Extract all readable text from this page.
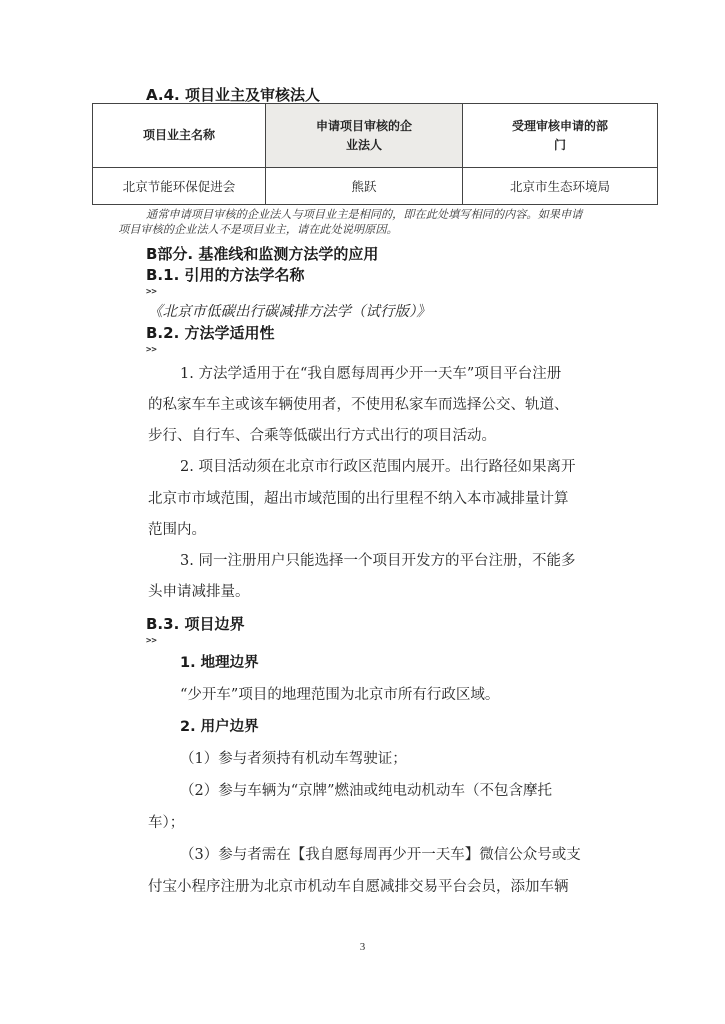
A.4. 项目业主及审核法人
项目业主名称	申请项目审核的企业法人	受理审核申请的部门

北京节能环保促进会	熊跃	北京市生态环境局
通常申请项目审核的企业法人与项目业主是相同的，即在此处填写相同的内容。如果申请
项目审核的企业法人不是项目业主，请在此处说明原因。
B部分. 基准线和监测方法学的应用
B.1. 引用的方法学名称
>>
《北京市低碳出行碳减排方法学（试行版）》
B.2. 方法学适用性
>>
1. 方法学适用于在“我自愿每周再少开一天车”项目平台注册
的私家车车主或该车辆使用者，不使用私家车而选择公交、轨道、
步行、自行车、合乘等低碳出行方式出行的项目活动。
2. 项目活动须在北京市行政区范围内展开。出行路径如果离开
北京市市域范围，超出市域范围的出行里程不纳入本市减排量计算
范围内。
3. 同一注册用户只能选择一个项目开发方的平台注册，不能多
头申请减排量。
B.3. 项目边界
>>
1. 地理边界
“少开车”项目的地理范围为北京市所有行政区域。
2. 用户边界
（1）参与者须持有机动车驾驶证；
（2）参与车辆为“京牌”燃油或纯电动机动车（不包含摩托
车）；
（3）参与者需在【我自愿每周再少开一天车】微信公众号或支
付宝小程序注册为北京市机动车自愿减排交易平台会员，添加车辆
3
